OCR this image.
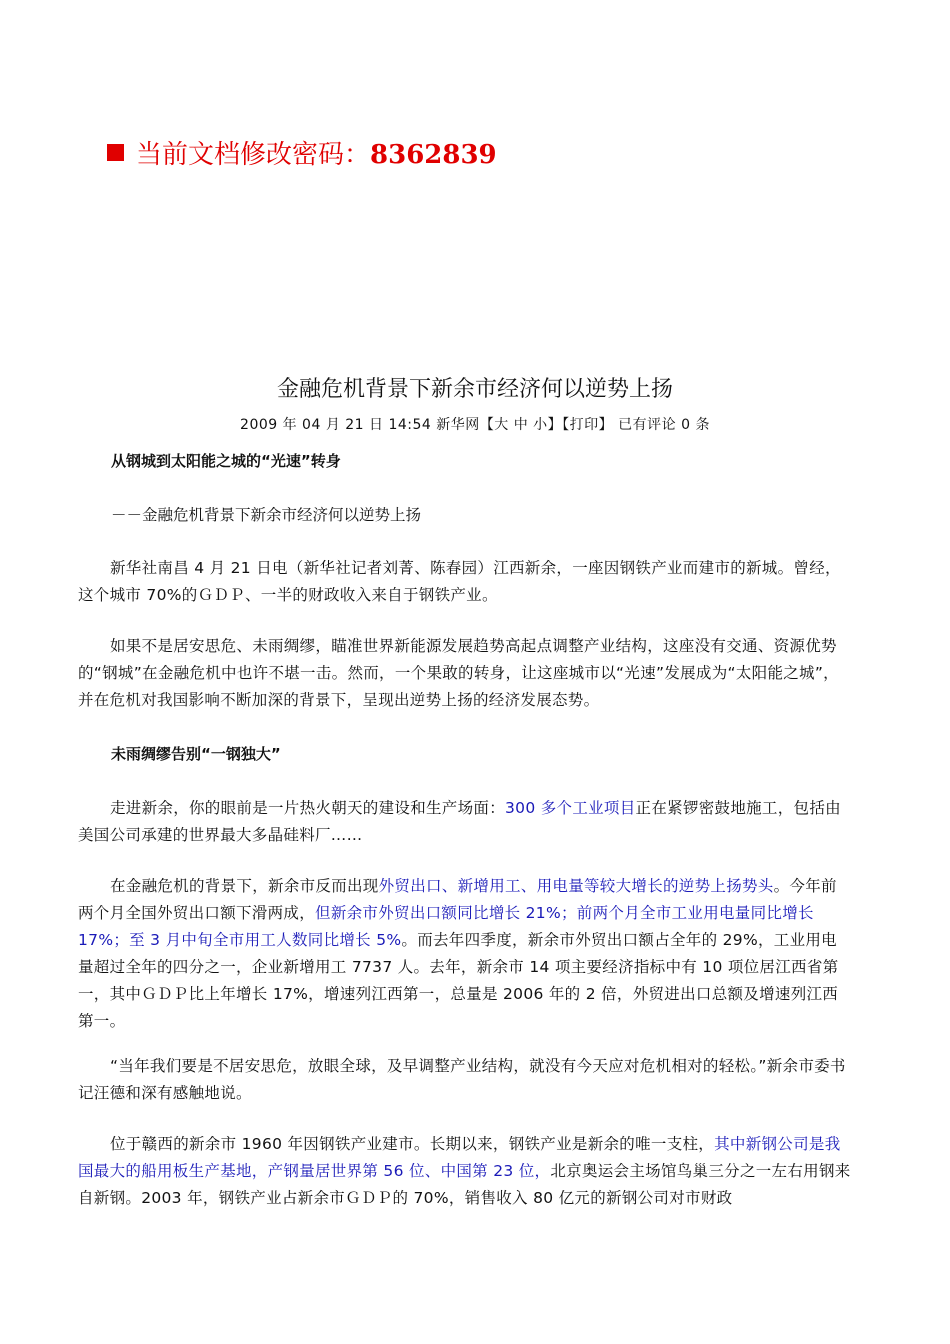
当前文档修改密码：8362839
金融危机背景下新余市经济何以逆势上扬
2009 年 04 月 21 日 14:54 新华网【大 中 小】【打印】 已有评论 0 条
从钢城到太阳能之城的“光速”转身
－－金融危机背景下新余市经济何以逆势上扬
新华社南昌 4 月 21 日电（新华社记者刘菁、陈春园）江西新余，一座因钢铁产业而建市的新城。曾经，这个城市 70%的ＧＤＰ、一半的财政收入来自于钢铁产业。
如果不是居安思危、未雨绸缪，瞄准世界新能源发展趋势高起点调整产业结构，这座没有交通、资源优势的“钢城”在金融危机中也许不堪一击。然而，一个果敢的转身，让这座城市以“光速”发展成为“太阳能之城”，并在危机对我国影响不断加深的背景下，呈现出逆势上扬的经济发展态势。
未雨绸缪告别“一钢独大”
走进新余，你的眼前是一片热火朝天的建设和生产场面：300 多个工业项目正在紧锣密鼓地施工，包括由美国公司承建的世界最大多晶硅料厂……
在金融危机的背景下，新余市反而出现外贸出口、新增用工、用电量等较大增长的逆势上扬势头。今年前两个月全国外贸出口额下滑两成，但新余市外贸出口额同比增长 21%；前两个月全市工业用电量同比增长 17%；至 3 月中旬全市用工人数同比增长 5%。而去年四季度，新余市外贸出口额占全年的 29%，工业用电量超过全年的四分之一，企业新增用工 7737 人。去年，新余市 14 项主要经济指标中有 10 项位居江西省第一，其中ＧＤＰ比上年增长 17%，增速列江西第一，总量是 2006 年的 2 倍，外贸进出口总额及增速列江西第一。
“当年我们要是不居安思危，放眼全球，及早调整产业结构，就没有今天应对危机相对的轻松。”新余市委书记汪德和深有感触地说。
位于赣西的新余市 1960 年因钢铁产业建市。长期以来，钢铁产业是新余的唯一支柱，其中新钢公司是我国最大的船用板生产基地，产钢量居世界第 56 位、中国第 23 位，北京奥运会主场馆鸟巢三分之一左右用钢来自新钢。2003 年，钢铁产业占新余市ＧＤＰ的 70%，销售收入 80 亿元的新钢公司对市财政
